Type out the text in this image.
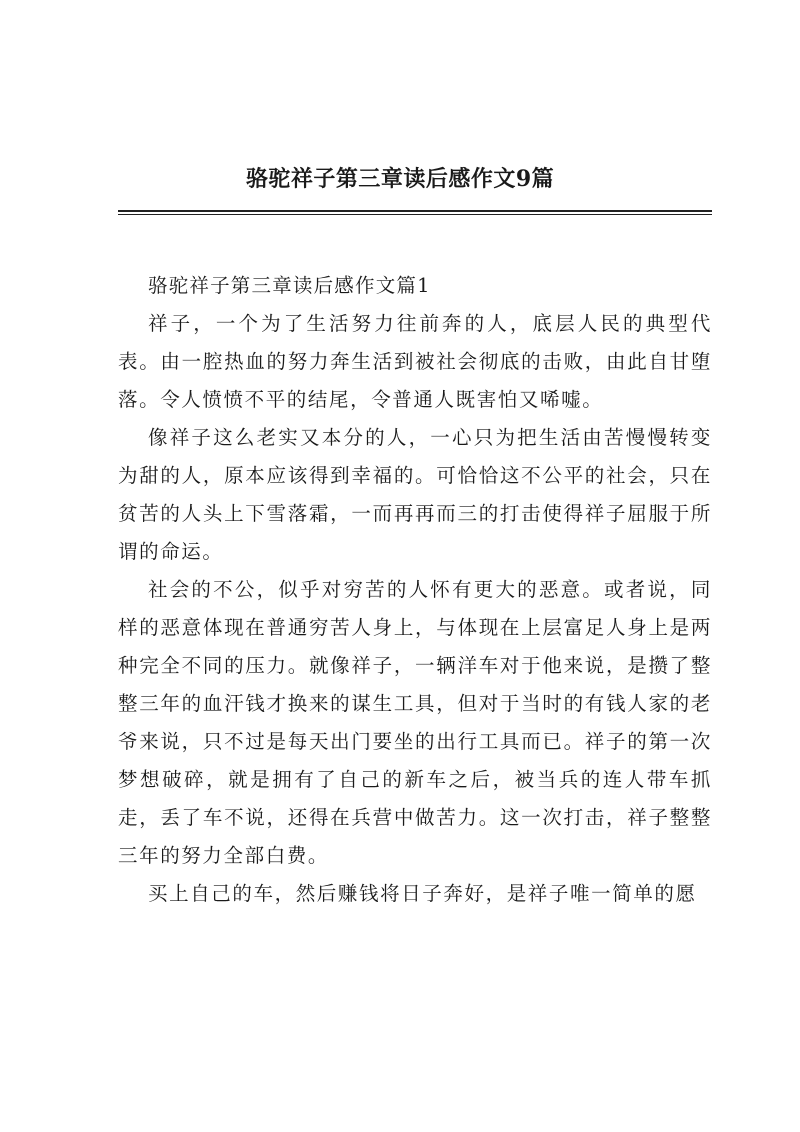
骆驼祥子第三章读后感作文9篇
骆驼祥子第三章读后感作文篇1

祥子，一个为了生活努力往前奔的人，底层人民的典型代表。由一腔热血的努力奔生活到被社会彻底的击败，由此自甘堕落。令人愤愤不平的结尾，令普通人既害怕又唏嘘。

像祥子这么老实又本分的人，一心只为把生活由苦慢慢转变为甜的人，原本应该得到幸福的。可恰恰这不公平的社会，只在贫苦的人头上下雪落霜，一而再再而三的打击使得祥子屈服于所谓的命运。

社会的不公，似乎对穷苦的人怀有更大的恶意。或者说，同样的恶意体现在普通穷苦人身上，与体现在上层富足人身上是两种完全不同的压力。就像祥子，一辆洋车对于他来说，是攒了整整三年的血汗钱才换来的谋生工具，但对于当时的有钱人家的老爷来说，只不过是每天出门要坐的出行工具而已。祥子的第一次梦想破碎，就是拥有了自己的新车之后，被当兵的连人带车抓走，丢了车不说，还得在兵营中做苦力。这一次打击，祥子整整三年的努力全部白费。

买上自己的车，然后赚钱将日子奔好，是祥子唯一简单的愿
